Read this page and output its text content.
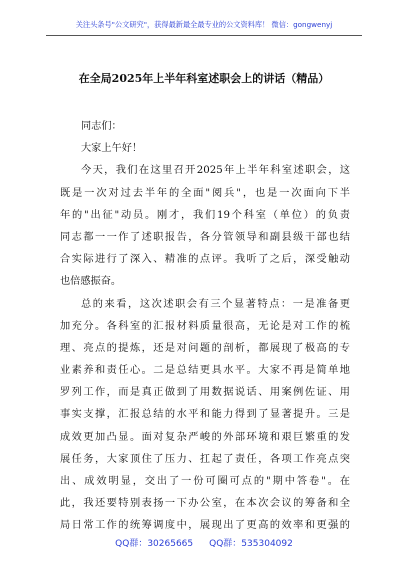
关注头条号"公文研究"，获得最新最全最专业的公文资料库！ 微信：gongwenyj
在全局2025年上半年科室述职会上的讲话（精品）
同志们：
大家上午好！
今天，我们在这里召开2025年上半年科室述职会，这
既是一次对过去半年的全面"阅兵"，也是一次面向下半
年的"出征"动员。刚才，我们19个科室（单位）的负责
同志都一一作了述职报告，各分管领导和副县级干部也结
合实际进行了深入、精准的点评。我听了之后，深受触动
也倍感振奋。
总的来看，这次述职会有三个显著特点：一是准备更
加充分。各科室的汇报材料质量很高，无论是对工作的梳
理、亮点的提炼，还是对问题的剖析，都展现了极高的专
业素养和责任心。二是总结更具水平。大家不再是简单地
罗列工作，而是真正做到了用数据说话、用案例佐证、用
事实支撑，汇报总结的水平和能力得到了显著提升。三是
成效更加凸显。面对复杂严峻的外部环境和艰巨繁重的发
展任务，大家顶住了压力、扛起了责任，各项工作亮点突
出、成效明显，交出了一份可圈可点的"期中答卷"。在
此，我还要特别表扬一下办公室，在本次会议的筹备和全
局日常工作的统筹调度中，展现出了更高的效率和更强的
QQ群：30265665 QQ群：535304092
